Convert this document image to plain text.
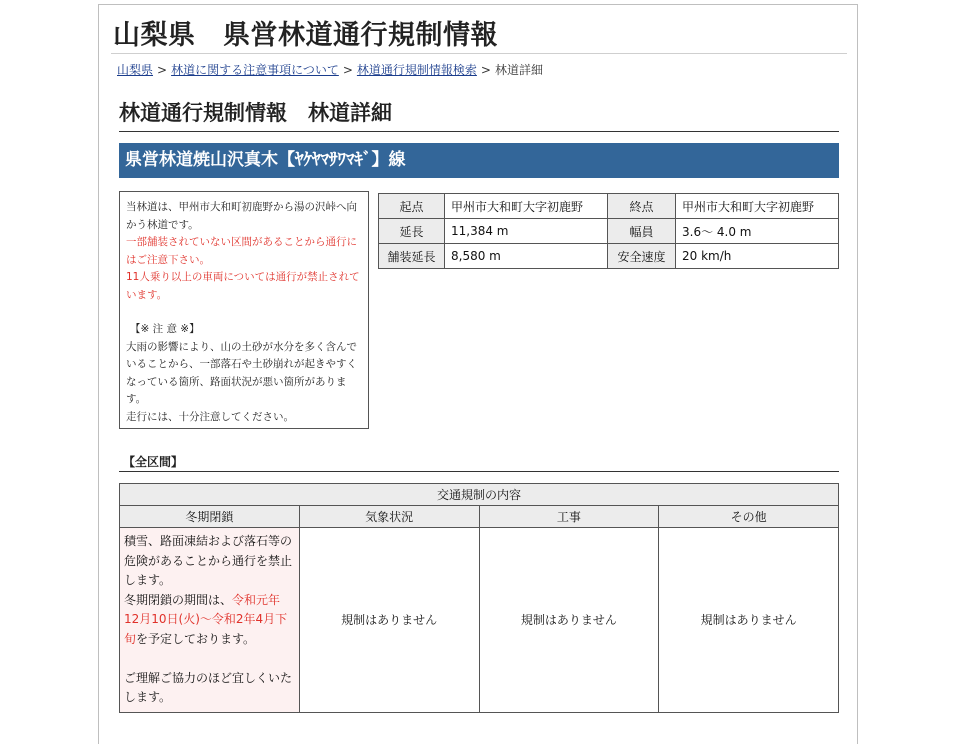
山梨県　県営林道通行規制情報
山梨県 > 林道に関する注意事項について > 林道通行規制情報検索 > 林道詳細
林道通行規制情報　林道詳細
県営林道焼山沢真木【ﾔｹﾔﾏｻﾜﾏｷﾞ】線

当林道は、甲州市大和町初鹿野から湯の沢峠へ向かう林道です。

一部舗装されていない区間があることから通行にはご注意下さい。

11人乗り以上の車両については通行が禁止されています。

【※ 注 意 ※】

大雨の影響により、山の土砂が水分を多く含んでいることから、一部落石や土砂崩れが起きやすくなっている箇所、路面状況が悪い箇所があります。

走行には、十分注意してください。

起点	甲州市大和町大字初鹿野	終点	甲州市大和町大字初鹿野
延長	11,384 m	幅員	3.6～ 4.0 m
舗装延長	8,580 m	安全速度	20 km/h
【全区間】
交通規制の内容			
冬期閉鎖	気象状況	工事	その他
積雪、路面凍結および落石等の危険があることから通行を禁止します。
冬期閉鎖の期間は、令和元年12月10日(火)～令和2年4月下旬を予定しております。

ご理解ご協力のほど宜しくいたします。	規制はありません	規制はありません	規制はありません
